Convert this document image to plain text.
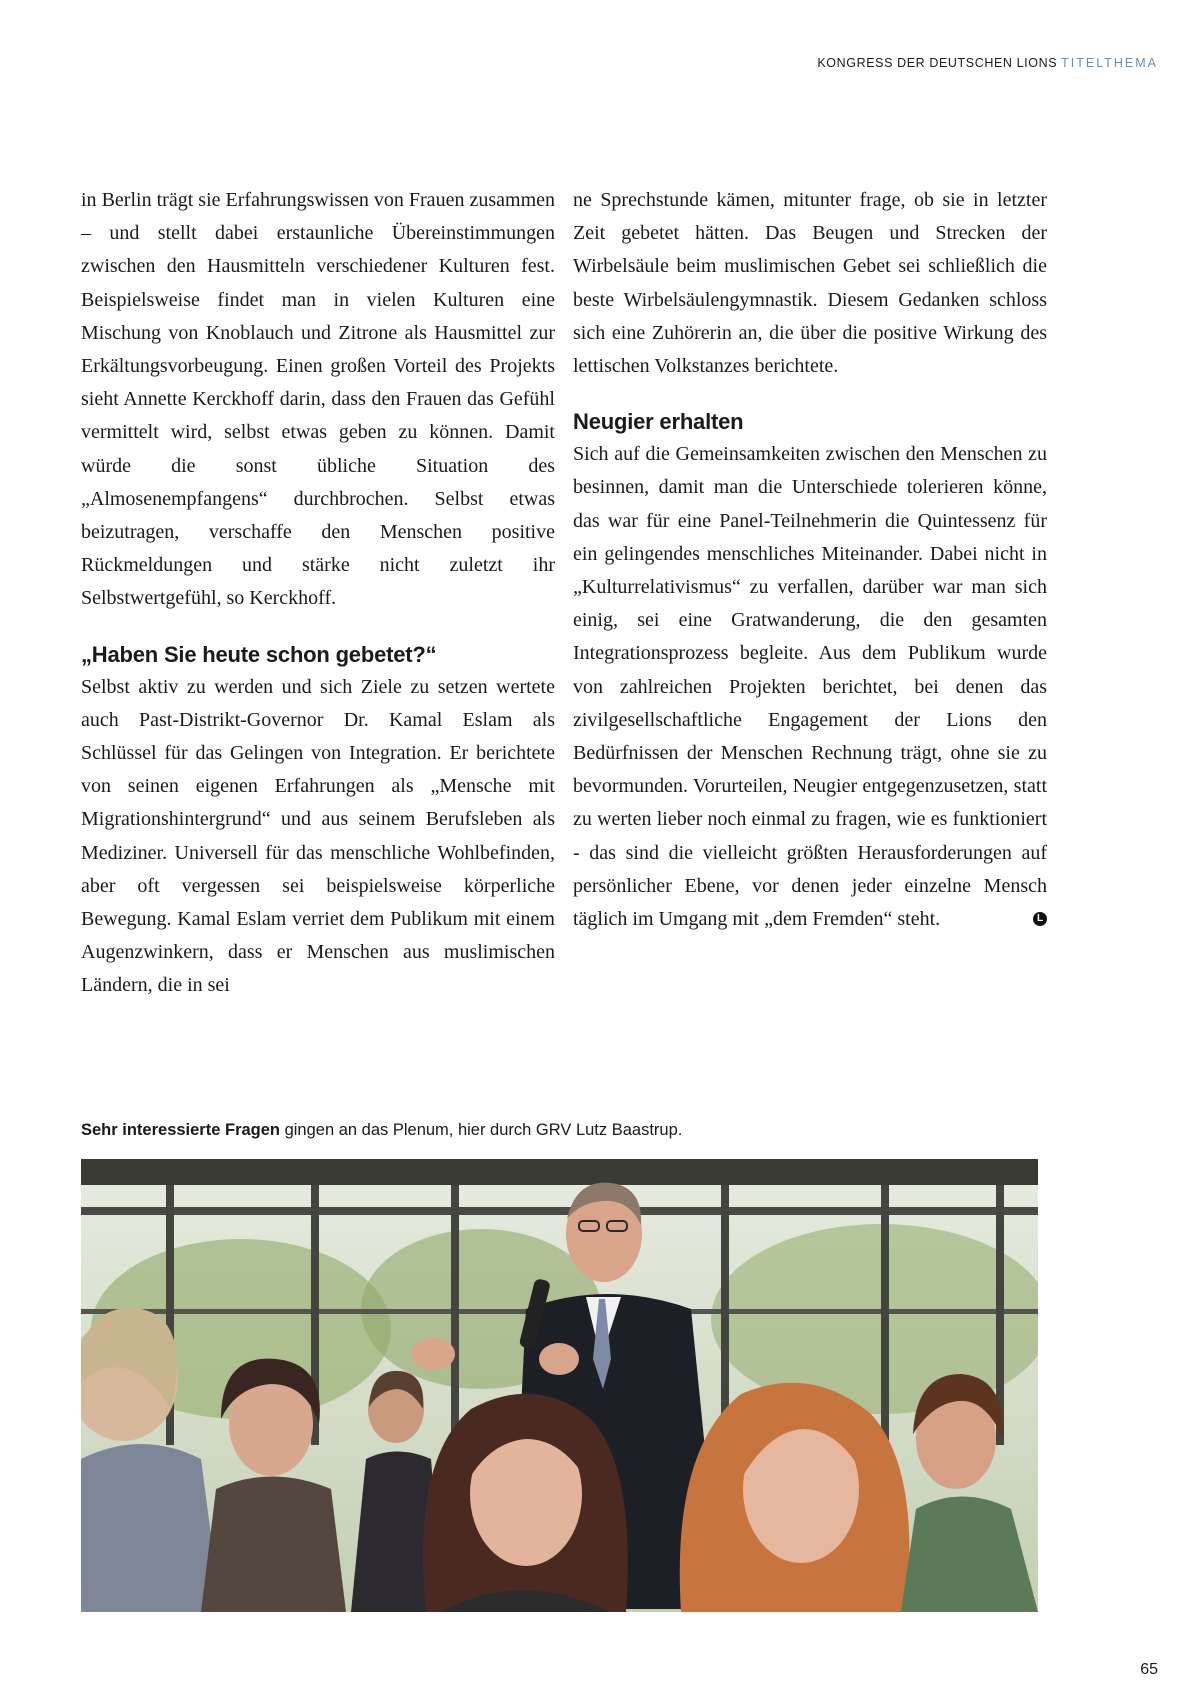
KONGRESS DER DEUTSCHEN LIONS TITELTHEMA

in Berlin trägt sie Erfahrungswissen von Frauen zusammen – und stellt dabei erstaunliche Übereinstimmungen zwischen den Hausmitteln verschiedener Kulturen fest. Beispielsweise findet man in vielen Kulturen eine Mischung von Knoblauch und Zitrone als Hausmittel zur Erkältungsvorbeugung. Einen großen Vorteil des Projekts sieht Annette Kerckhoff darin, dass den Frauen das Gefühl vermittelt wird, selbst etwas geben zu können. Damit würde die sonst übliche Situation des „Almosenempfangens“ durchbrochen. Selbst etwas beizutragen, verschaffe den Menschen positive Rückmeldungen und stärke nicht zuletzt ihr Selbstwertgefühl, so Kerckhoff.

„Haben Sie heute schon gebetet?“

Selbst aktiv zu werden und sich Ziele zu setzen wertete auch Past-Distrikt-Governor Dr. Kamal Eslam als Schlüssel für das Gelingen von Integration. Er berichtete von seinen eigenen Erfahrungen als „Mensche mit Migrationshintergrund“ und aus seinem Berufsleben als Mediziner. Universell für das menschliche Wohlbefinden, aber oft vergessen sei beispielsweise körperliche Bewegung. Kamal Eslam verriet dem Publikum mit einem Augenzwinkern, dass er Menschen aus muslimischen Ländern, die in sei

ne Sprechstunde kämen, mitunter frage, ob sie in letzter Zeit gebetet hätten. Das Beugen und Strecken der Wirbelsäule beim muslimischen Gebet sei schließlich die beste Wirbelsäulengymnastik. Diesem Gedanken schloss sich eine Zuhörerin an, die über die positive Wirkung des lettischen Volkstanzes berichtete.

Neugier erhalten

Sich auf die Gemeinsamkeiten zwischen den Menschen zu besinnen, damit man die Unterschiede tolerieren könne, das war für eine Panel-Teilnehmerin die Quintessenz für ein gelingendes menschliches Miteinander. Dabei nicht in „Kulturrelativismus“ zu verfallen, darüber war man sich einig, sei eine Gratwanderung, die den gesamten Integrationsprozess begleite. Aus dem Publikum wurde von zahlreichen Projekten berichtet, bei denen das zivilgesellschaftliche Engagement der Lions den Bedürfnissen der Menschen Rechnung trägt, ohne sie zu bevormunden. Vorurteilen, Neugier entgegenzusetzen, statt zu werten lieber noch einmal zu fragen, wie es funktioniert - das sind die vielleicht größten Herausforderungen auf persönlicher Ebene, vor denen jeder einzelne Mensch täglich im Umgang mit „dem Fremden“ steht.	L

Sehr interessierte Fragen gingen an das Plenum, hier durch GRV Lutz Baastrup.
65
